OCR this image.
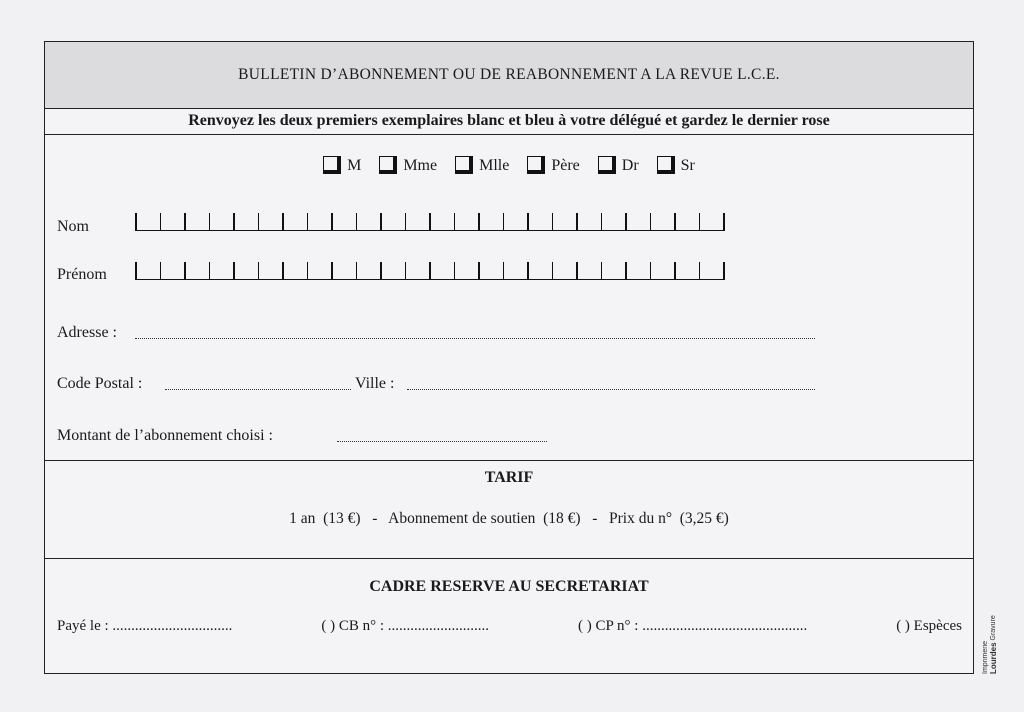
BULLETIN D’ABONNEMENT OU DE REABONNEMENT A LA REVUE L.C.E.
Renvoyez les deux premiers exemplaires blanc et bleu à votre délégué et gardez le dernier rose
M	Mme	Mlle	Père	Dr	Sr
Nom
Prénom
Adresse :
Code Postal :	Ville :
Montant de l’abonnement choisi :
TARIF
1 an  (13 €)   -   Abonnement de soutien  (18 €)   -   Prix du n°  (3,25 €)
CADRE RESERVE AU SECRETARIAT
Payé le : ................................	( ) CB n° : ...........................	( ) CP n° : ............................................	( ) Espèces
Imprimerie Lourdes Gravure
